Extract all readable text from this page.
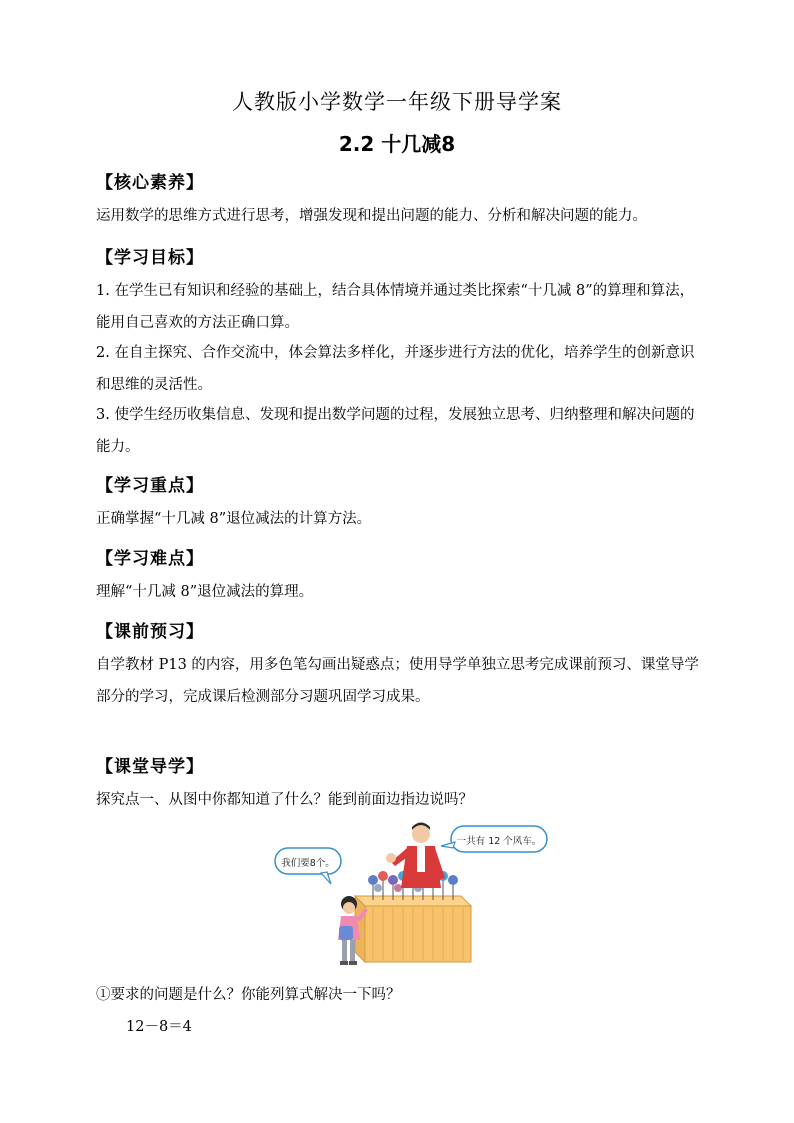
人教版小学数学一年级下册导学案
2.2 十几减8
【核心素养】
运用数学的思维方式进行思考，增强发现和提出问题的能力、分析和解决问题的能力。
【学习目标】
1. 在学生已有知识和经验的基础上，结合具体情境并通过类比探索“十几减 8”的算理和算法，能用自己喜欢的方法正确口算。
2. 在自主探究、合作交流中，体会算法多样化，并逐步进行方法的优化，培养学生的创新意识和思维的灵活性。
3. 使学生经历收集信息、发现和提出数学问题的过程，发展独立思考、归纳整理和解决问题的能力。
【学习重点】
正确掌握“十几减 8”退位减法的计算方法。
【学习难点】
理解“十几减 8”退位减法的算理。
【课前预习】
自学教材 P13 的内容，用多色笔勾画出疑惑点；使用导学单独立思考完成课前预习、课堂导学部分的学习，完成课后检测部分习题巩固学习成果。
【课堂导学】
探究点一、从图中你都知道了什么？能到前面边指边说吗？
我们要8个。
一共有 12 个风车。
①要求的问题是什么？你能列算式解决一下吗？
12－8＝4
